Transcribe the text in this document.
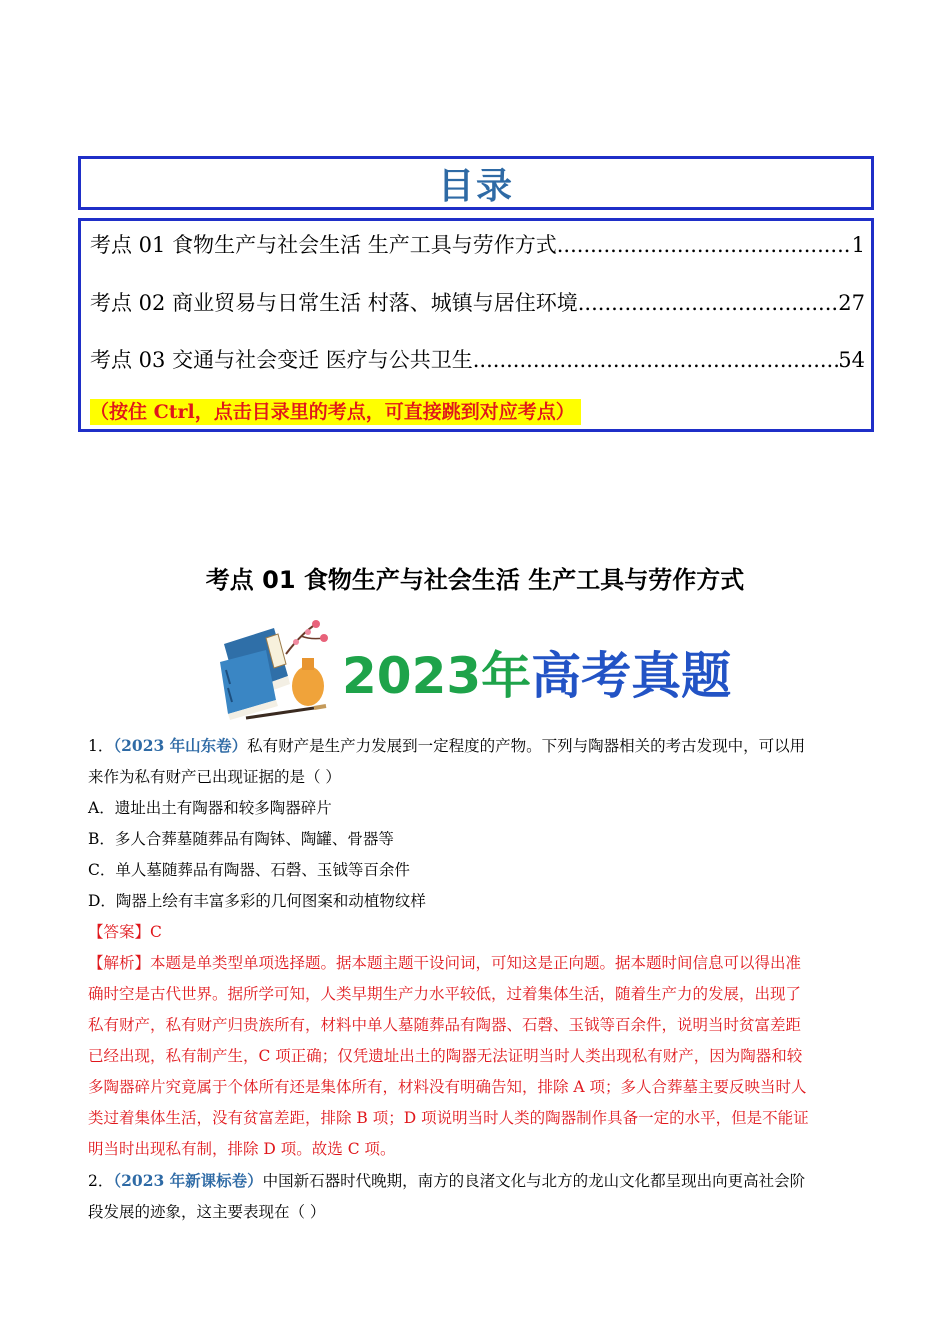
目录
考点 01 食物生产与社会生活 生产工具与劳作方式 .....	1
考点 02 商业贸易与日常生活 村落、城镇与居住环境 .....	27
考点 03 交通与社会变迁 医疗与公共卫生 .....	54
（按住 Ctrl，点击目录里的考点，可直接跳到对应考点）
考点 01 食物生产与社会生活 生产工具与劳作方式
2023年高考真题

1．（2023 年山东卷）私有财产是生产力发展到一定程度的产物。下列与陶器相关的考古发现中，可以用

来作为私有财产已出现证据的是（ ）

A．遗址出土有陶器和较多陶器碎片

B．多人合葬墓随葬品有陶钵、陶罐、骨器等

C．单人墓随葬品有陶器、石磬、玉钺等百余件

D．陶器上绘有丰富多彩的几何图案和动植物纹样

【答案】C

【解析】本题是单类型单项选择题。据本题主题干设问词，可知这是正向题。据本题时间信息可以得出准

确时空是古代世界。据所学可知，人类早期生产力水平较低，过着集体生活，随着生产力的发展，出现了

私有财产，私有财产归贵族所有，材料中单人墓随葬品有陶器、石磬、玉钺等百余件，说明当时贫富差距

已经出现，私有制产生，C 项正确；仅凭遗址出土的陶器无法证明当时人类出现私有财产，因为陶器和较

多陶器碎片究竟属于个体所有还是集体所有，材料没有明确告知，排除 A 项；多人合葬墓主要反映当时人

类过着集体生活，没有贫富差距，排除 B 项；D 项说明当时人类的陶器制作具备一定的水平，但是不能证

明当时出现私有制，排除 D 项。故选 C 项。

2．（2023 年新课标卷）中国新石器时代晚期，南方的良渚文化与北方的龙山文化都呈现出向更高社会阶

段发展的迹象，这主要表现在（ ）
